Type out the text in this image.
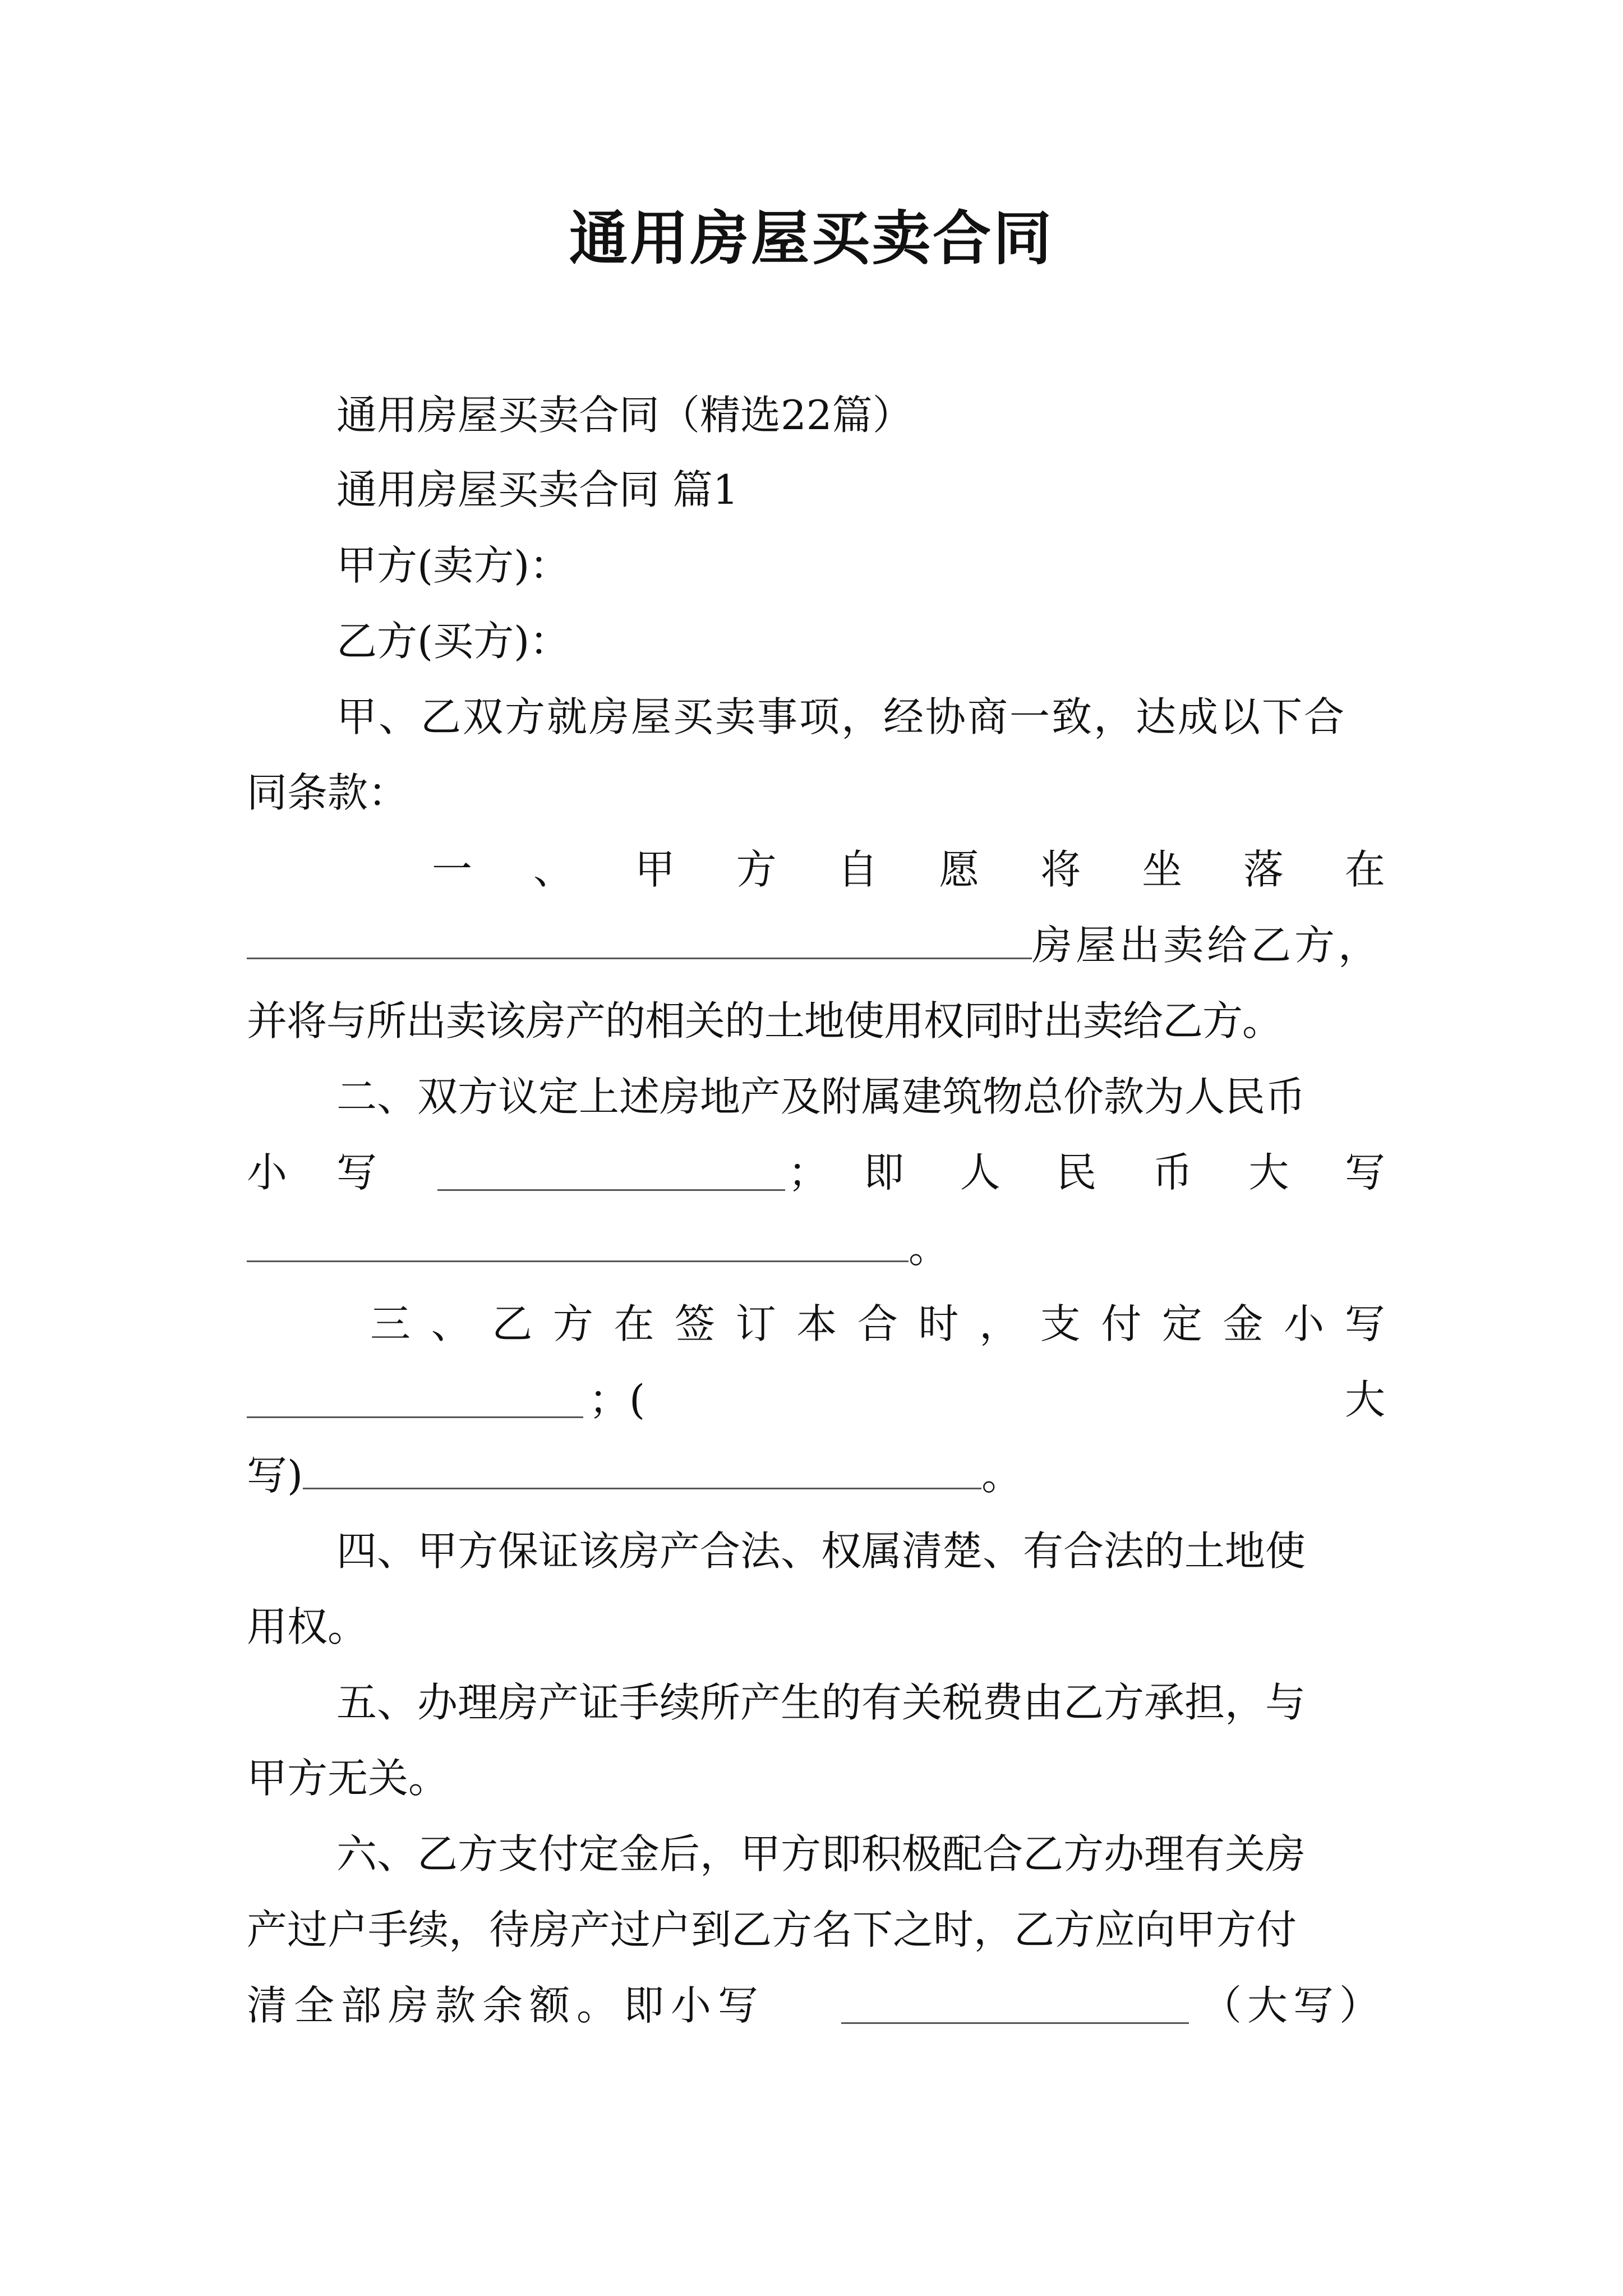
通用房屋买卖合同
通用房屋买卖合同（精选22篇）
通用房屋买卖合同 篇1
甲方(卖方)：
乙方(买方)：
甲、乙双方就房屋买卖事项，经协商一致，达成以下合
同条款：
一 、 甲 方 自 愿 将 坐 落 在
房屋出卖给乙方，
并将与所出卖该房产的相关的土地使用权同时出卖给乙方。
二、双方议定上述房地产及附属建筑物总价款为人民币
小 写	； 即 人 民 币 大 写
。
三 、 乙 方 在 签 订 本 合 时 ， 支 付 定 金 小 写
；(	大
写)	。
四、甲方保证该房产合法、权属清楚、有合法的土地使
用权。
五、办理房产证手续所产生的有关税费由乙方承担，与
甲方无关。
六、乙方支付定金后，甲方即积极配合乙方办理有关房
产过户手续，待房产过户到乙方名下之时，乙方应向甲方付
清全部房款余额。即小写	（大写）
